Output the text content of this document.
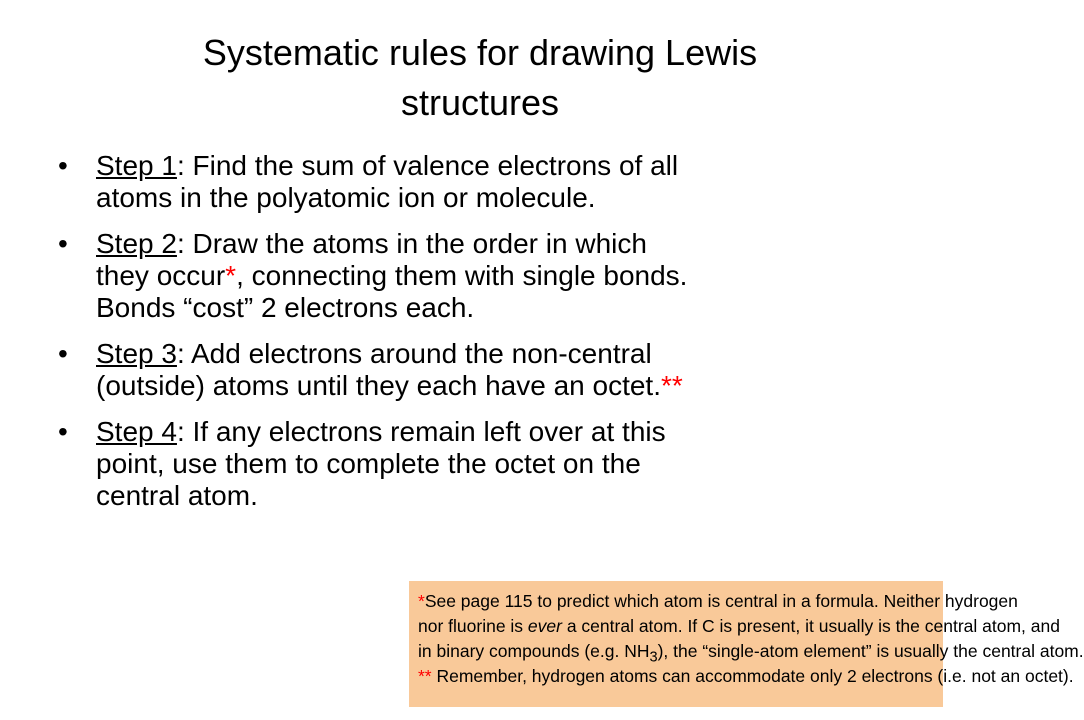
Systematic rules for drawing Lewis
structures
• Step 1: Find the sum of valence electrons of all
atoms in the polyatomic ion or molecule.
• Step 2: Draw the atoms in the order in which
they occur*, connecting them with single bonds.
Bonds “cost” 2 electrons each.
• Step 3: Add electrons around the non-central
(outside) atoms until they each have an octet.**
• Step 4: If any electrons remain left over at this
point, use them to complete the octet on the
central atom.
*See page 115 to predict which atom is central in a formula. Neither hydrogen
nor fluorine is ever a central atom. If C is present, it usually is the central atom, and
in binary compounds (e.g. $NH_3$), the “single-atom element” is usually the central atom.
** Remember, hydrogen atoms can accommodate only 2 electrons (i.e. not an octet).
